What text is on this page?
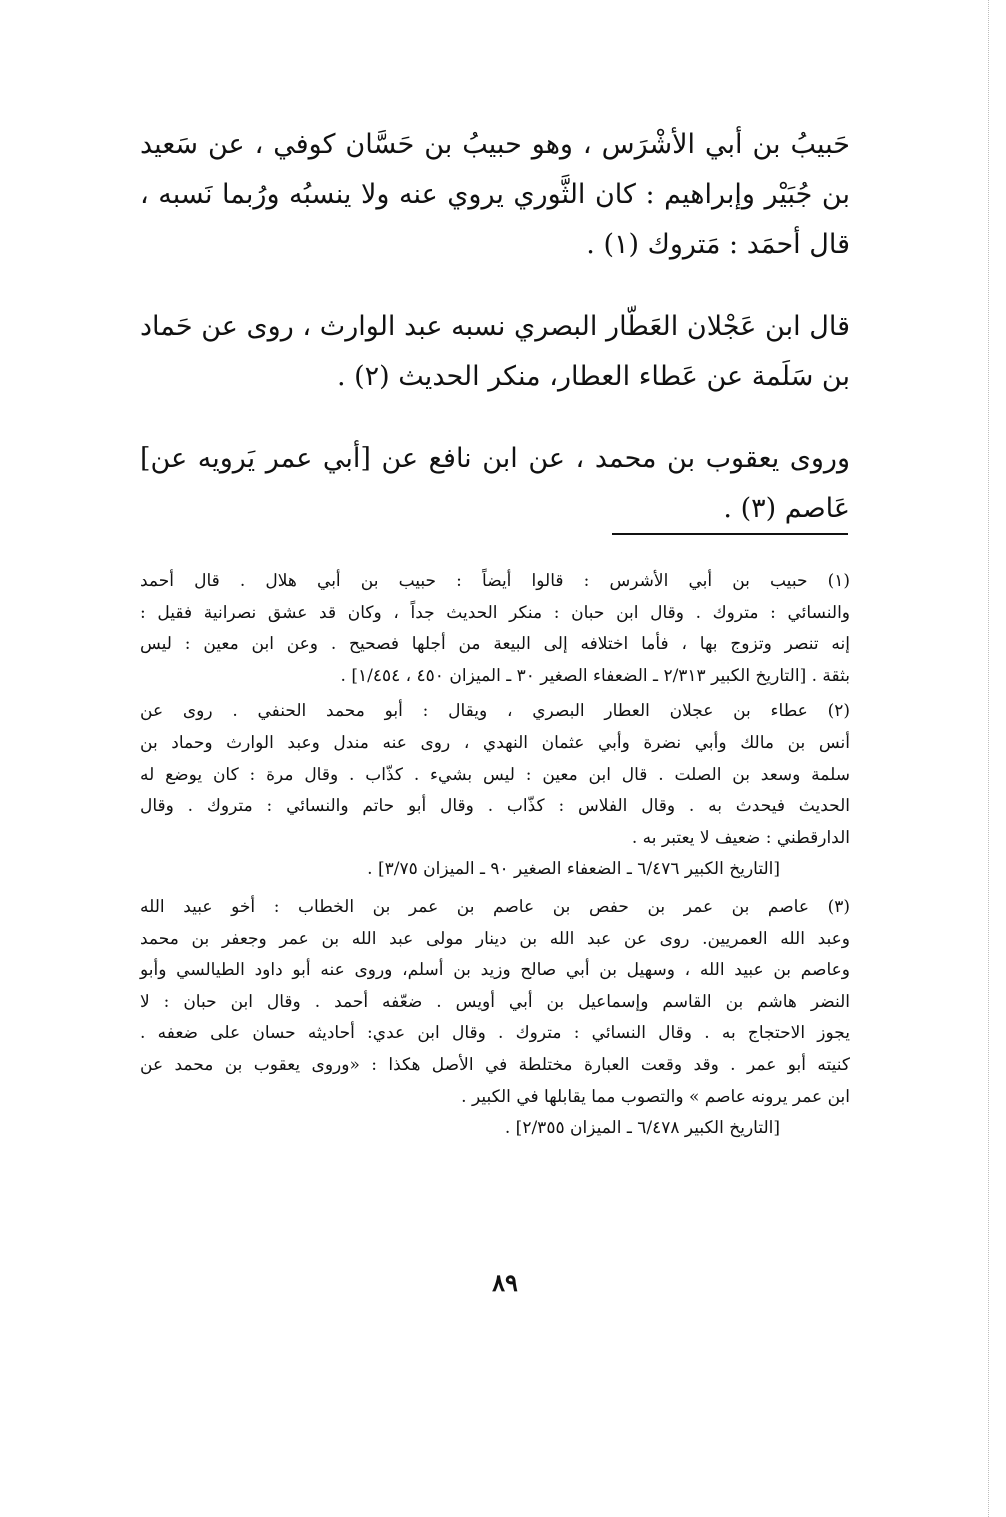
حَبيبُ بن أبي الأشْرَس ، وهو حبيبُ بن حَسَّان كوفي ، عن سَعيد بن جُبَيْر وإبراهيم : كان الثَّوري يروي عنه ولا ينسبُه ورُبما نَسبه ، قال أحمَد : مَتروك (١) .

قال ابن عَجْلان العَطّار البصري نسبه عبد الوارث ، روى عن حَماد بن سَلَمة عن عَطاء العطار، منكر الحديث (٢) .

وروى يعقوب بن محمد ، عن ابن نافع عن [أبي عمر يَرويه عن] عَاصم (٣) .

(١) حبيب بن أبي الأشرس : قالوا أيضاً : حبيب بن أبي هلال . قال أحمد
والنسائي : متروك . وقال ابن حبان : منكر الحديث جداً ، وكان قد عشق نصرانية فقيل :
إنه تنصر وتزوج بها ، فأما اختلافه إلى البيعة من أجلها فصحيح . وعن ابن معين : ليس
بثقة . [التاريخ الكبير ٢/٣١٣ ـ الضعفاء الصغير ٣٠ ـ الميزان ٤٥٠ ، ١/٤٥٤] .
(٢) عطاء بن عجلان العطار البصري ، ويقال : أبو محمد الحنفي . روى عن
أنس بن مالك وأبي نضرة وأبي عثمان النهدي ، روى عنه مندل وعبد الوارث وحماد بن
سلمة وسعد بن الصلت . قال ابن معين : ليس بشيء . كذّاب . وقال مرة : كان يوضع له
الحديث فيحدث به . وقال الفلاس : كذّاب . وقال أبو حاتم والنسائي : متروك . وقال
الدارقطني : ضعيف لا يعتبر به .
[التاريخ الكبير ٦/٤٧٦ ـ الضعفاء الصغير ٩٠ ـ الميزان ٣/٧٥] .
(٣) عاصم بن عمر بن حفص بن عاصم بن عمر بن الخطاب : أخو عبيد الله
وعبد الله العمريين. روى عن عبد الله بن دينار مولى عبد الله بن عمر وجعفر بن محمد
وعاصم بن عبيد الله ، وسهيل بن أبي صالح وزيد بن أسلم، وروى عنه أبو داود الطيالسي وأبو
النضر هاشم بن القاسم وإسماعيل بن أبي أويس . ضعّفه أحمد . وقال ابن حبان : لا
يجوز الاحتجاج به . وقال النسائي : متروك . وقال ابن عدي: أحاديثه حسان على ضعفه .
كنيته أبو عمر . وقد وقعت العبارة مختلطة في الأصل هكذا : «وروى يعقوب بن محمد عن
ابن عمر يرونه عاصم » والتصوب مما يقابلها في الكبير .
[التاريخ الكبير ٦/٤٧٨ ـ الميزان ٢/٣٥٥] .
٨٩
